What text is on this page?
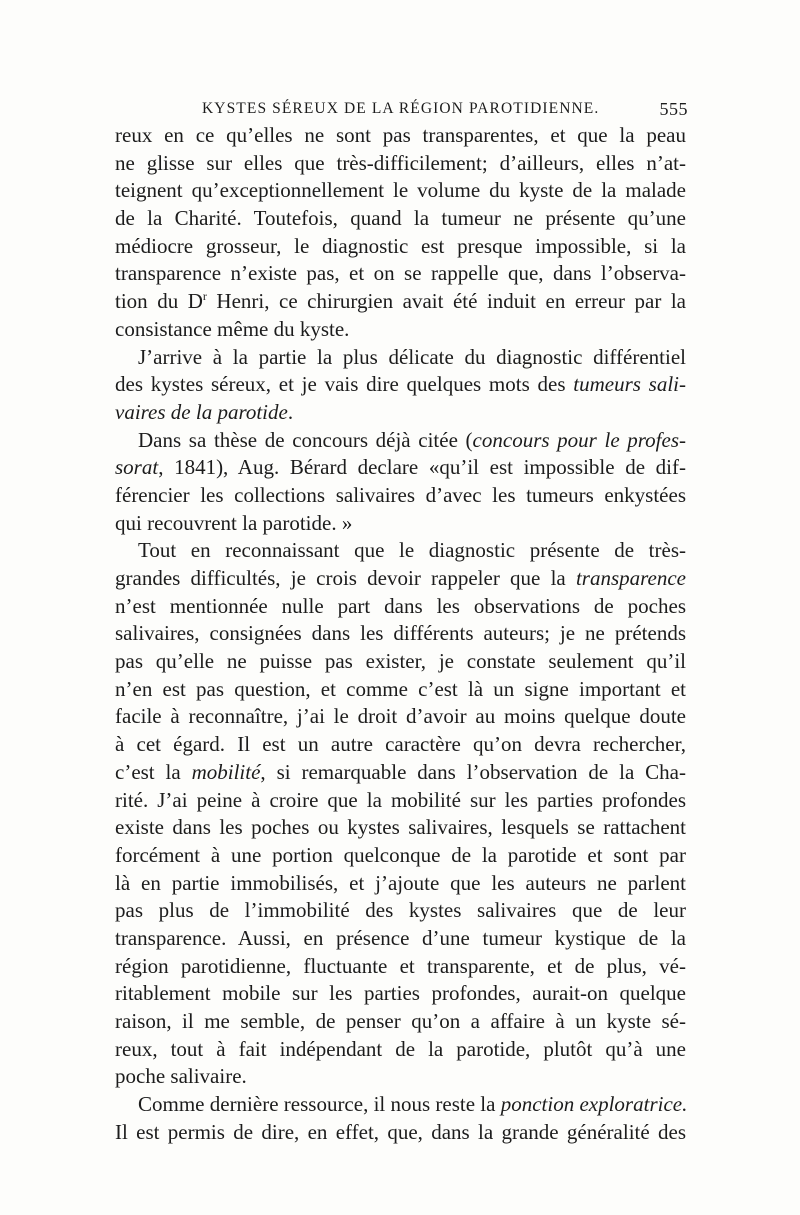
KYSTES SÉREUX DE LA RÉGION PAROTIDIENNE.	555
reux en ce qu’elles ne sont pas transparentes, et que la peau
ne glisse sur elles que très-difficilement; d’ailleurs, elles n’at-
teignent qu’exceptionnellement le volume du kyste de la malade
de la Charité. Toutefois, quand la tumeur ne présente qu’une
médiocre grosseur, le diagnostic est presque impossible, si la
transparence n’existe pas, et on se rappelle que, dans l’observa-
tion du $D^r$ Henri, ce chirurgien avait été induit en erreur par la
consistance même du kyste.
J’arrive à la partie la plus délicate du diagnostic différentiel
des kystes séreux, et je vais dire quelques mots des tumeurs sali-
vaires de la parotide.
Dans sa thèse de concours déjà citée (concours pour le profes-
sorat, 1841), Aug. Bérard declare «qu’il est impossible de dif-
férencier les collections salivaires d’avec les tumeurs enkystées
qui recouvrent la parotide. »
Tout en reconnaissant que le diagnostic présente de très-
grandes difficultés, je crois devoir rappeler que la transparence
n’est mentionnée nulle part dans les observations de poches
salivaires, consignées dans les différents auteurs; je ne prétends
pas qu’elle ne puisse pas exister, je constate seulement qu’il
n’en est pas question, et comme c’est là un signe important et
facile à reconnaître, j’ai le droit d’avoir au moins quelque doute
à cet égard. Il est un autre caractère qu’on devra rechercher,
c’est la mobilité, si remarquable dans l’observation de la Cha-
rité. J’ai peine à croire que la mobilité sur les parties profondes
existe dans les poches ou kystes salivaires, lesquels se rattachent
forcément à une portion quelconque de la parotide et sont par
là en partie immobilisés, et j’ajoute que les auteurs ne parlent
pas plus de l’immobilité des kystes salivaires que de leur
transparence. Aussi, en présence d’une tumeur kystique de la
région parotidienne, fluctuante et transparente, et de plus, vé-
ritablement mobile sur les parties profondes, aurait-on quelque
raison, il me semble, de penser qu’on a affaire à un kyste sé-
reux, tout à fait indépendant de la parotide, plutôt qu’à une
poche salivaire.
Comme dernière ressource, il nous reste la ponction exploratrice.
Il est permis de dire, en effet, que, dans la grande généralité des
